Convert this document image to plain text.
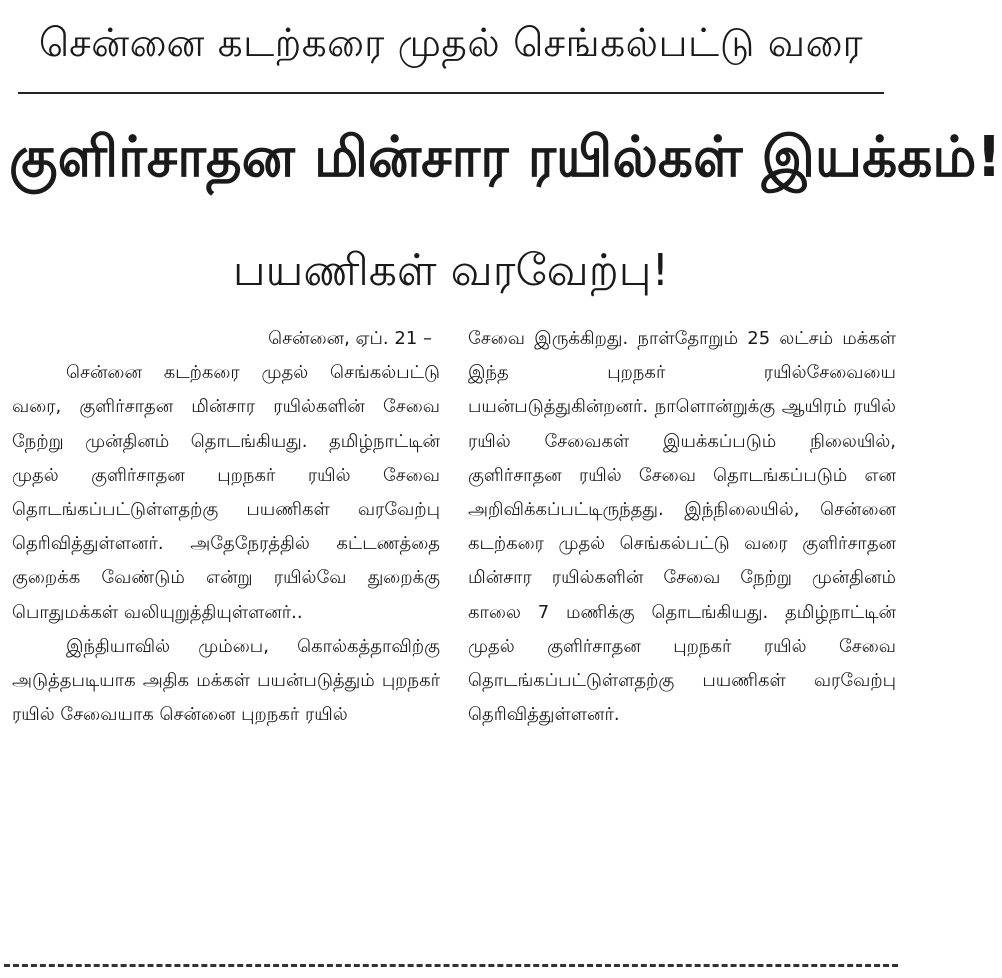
சென்னை கடற்கரை முதல் செங்கல்பட்டு வரை
குளிர்சாதன மின்சார ரயில்கள் இயக்கம்!
பயணிகள் வரவேற்பு!
சென்னை, ஏப். 21 –

சென்னை கடற்கரை முதல் செங்கல்பட்டு வரை, குளிர்சாதன மின்சார ரயில்களின் சேவை நேற்று முன்தினம் தொடங்கியது. தமிழ்நாட்டின் முதல் குளிர்சாதன புறநகர் ரயில் சேவை தொடங்கப்பட்டுள்ளதற்கு பயணிகள் வரவேற்பு தெரிவித்துள்ளனர். அதேநேரத்தில் கட்டணத்தை குறைக்க வேண்டும் என்று ரயில்வே துறைக்கு பொதுமக்கள் வலியுறுத்தியுள்ளனர்..

இந்தியாவில் மும்பை, கொல்கத்தாவிற்கு அடுத்தபடியாக அதிக மக்கள் பயன்படுத்தும் புறநகர் ரயில் சேவையாக சென்னை புறநகர் ரயில்

சேவை இருக்கிறது. நாள்தோறும் 25 லட்சம் மக்கள் இந்த புறநகர் ரயில்சேவையை பயன்படுத்துகின்றனர். நாளொன்றுக்கு ஆயிரம் ரயில் ரயில் சேவைகள் இயக்கப்படும் நிலையில், குளிர்சாதன ரயில் சேவை தொடங்கப்படும் என அறிவிக்கப்பட்டிருந்தது. இந்நிலையில், சென்னை கடற்கரை முதல் செங்கல்பட்டு வரை குளிர்சாதன மின்சார ரயில்களின் சேவை நேற்று முன்தினம் காலை 7 மணிக்கு தொடங்கியது. தமிழ்நாட்டின் முதல் குளிர்சாதன புறநகர் ரயில் சேவை தொடங்கப்பட்டுள்ளதற்கு பயணிகள் வரவேற்பு தெரிவித்துள்ளனர்.
